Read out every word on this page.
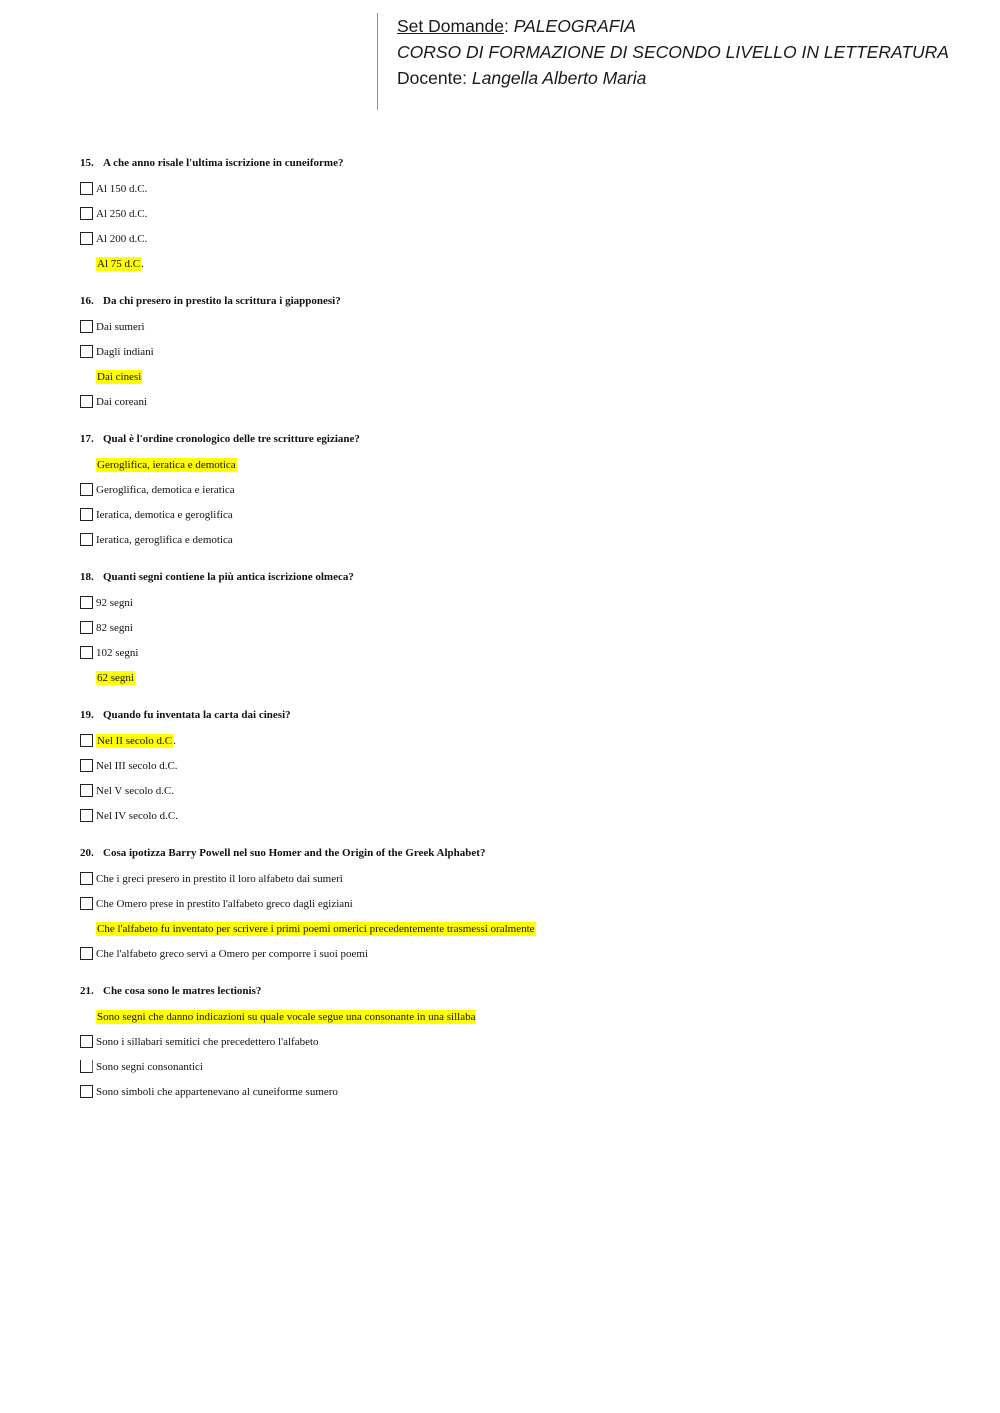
Set Domande: PALEOGRAFIA
CORSO DI FORMAZIONE DI SECONDO LIVELLO IN LETTERATURA
Docente: Langella Alberto Maria
15. A che anno risale l'ultima iscrizione in cuneiforme?
Al 150 d.C.
Al 250 d.C.
Al 200 d.C.
Al 75 d.C.
16. Da chi presero in prestito la scrittura i giapponesi?
Dai sumeri
Dagli indiani
Dai cinesi
Dai coreani
17. Qual è l'ordine cronologico delle tre scritture egiziane?
Geroglifica, ieratica e demotica
Geroglifica, demotica e ieratica
Ieratica, demotica e geroglifica
Ieratica, geroglifica e demotica
18. Quanti segni contiene la più antica iscrizione olmeca?
92 segni
82 segni
102 segni
62 segni
19. Quando fu inventata la carta dai cinesi?
Nel II secolo d.C.
Nel III secolo d.C.
Nel V secolo d.C.
Nel IV secolo d.C.
20. Cosa ipotizza Barry Powell nel suo Homer and the Origin of the Greek Alphabet?
Che i greci presero in prestito il loro alfabeto dai sumeri
Che Omero prese in prestito l'alfabeto greco dagli egiziani
Che l'alfabeto fu inventato per scrivere i primi poemi omerici precedentemente trasmessi oralmente
Che l'alfabeto greco servì a Omero per comporre i suoi poemi
21. Che cosa sono le matres lectionis?
Sono segni che danno indicazioni su quale vocale segue una consonante in una sillaba
Sono i sillabari semitici che precedettero l'alfabeto
Sono segni consonantici
Sono simboli che appartenevano al cuneiforme sumero
